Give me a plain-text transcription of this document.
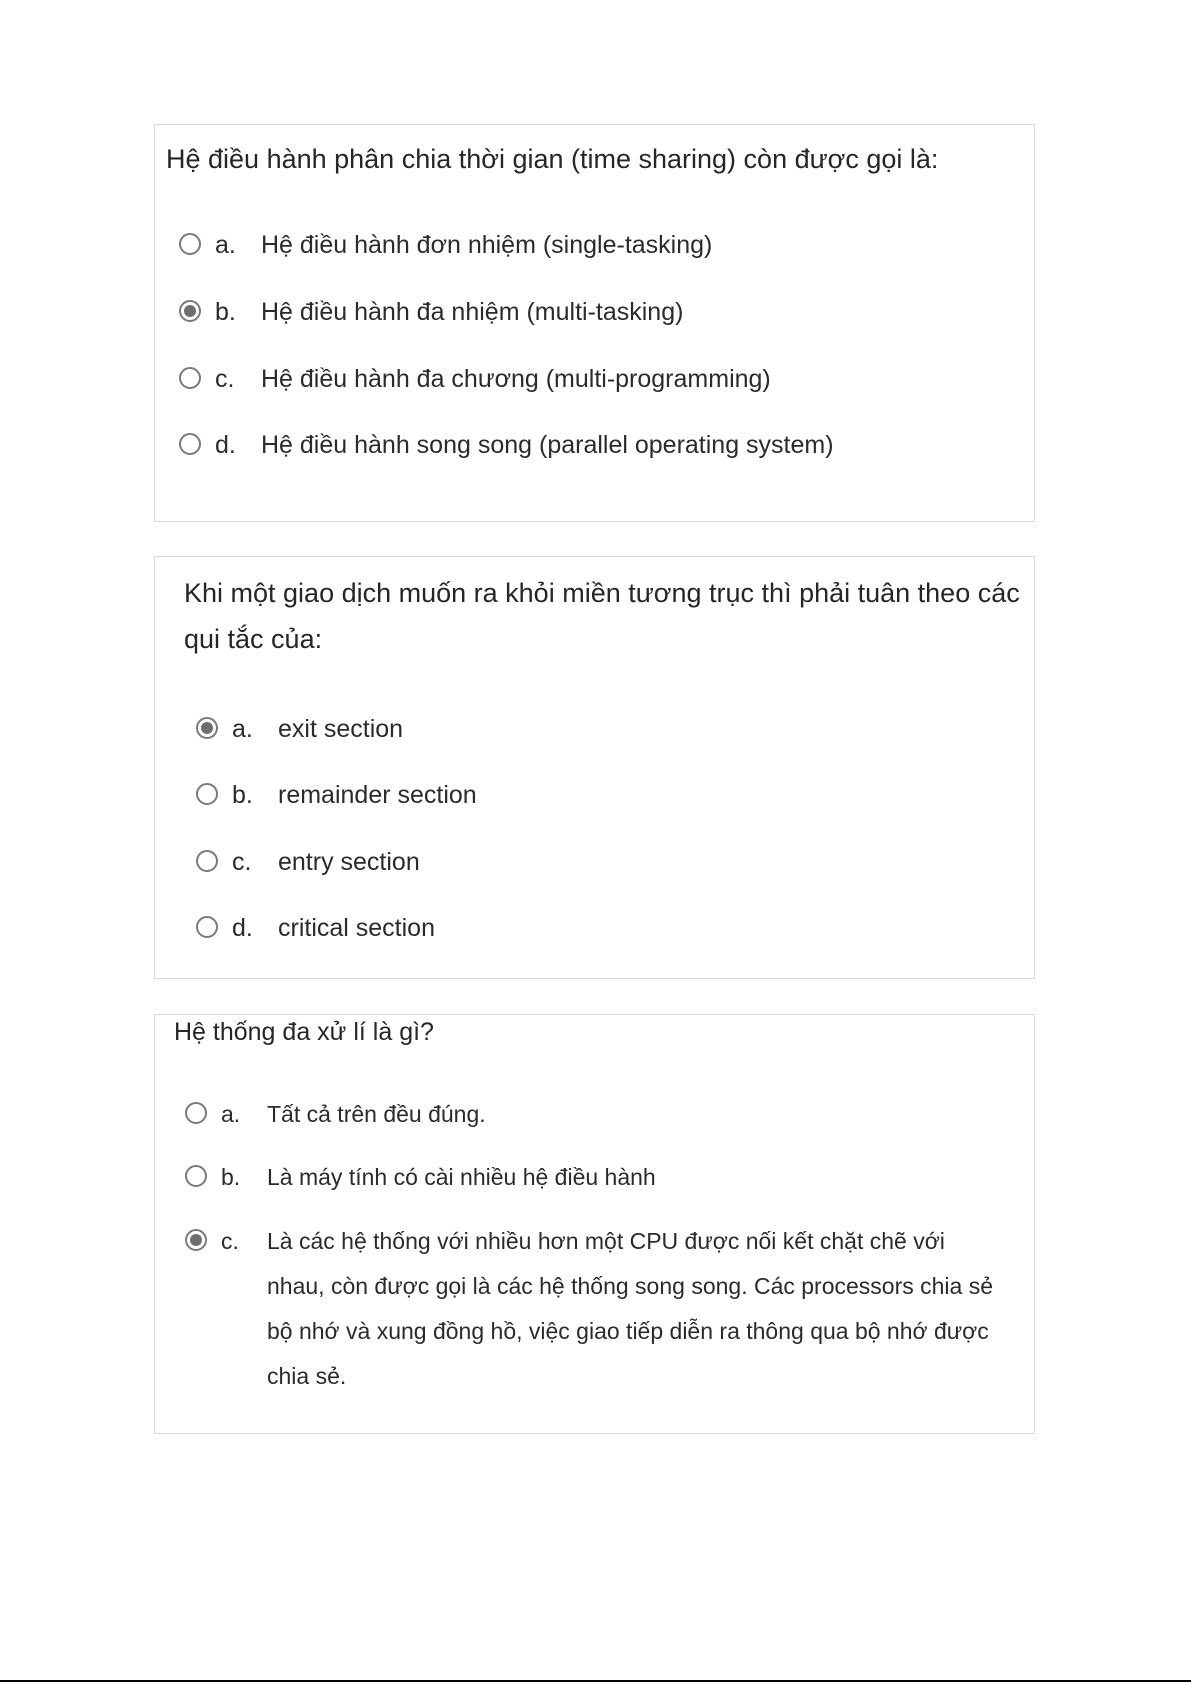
Hệ điều hành phân chia thời gian (time sharing) còn được gọi là:

a.	Hệ điều hành đơn nhiệm (single-tasking)
b.	Hệ điều hành đa nhiệm (multi-tasking)
c.	Hệ điều hành đa chương (multi-programming)
d.	Hệ điều hành song song (parallel operating system)

Khi một giao dịch muốn ra khỏi miền tương trục thì phải tuân theo các qui tắc của:

a.	exit section
b.	remainder section
c.	entry section
d.	critical section

Hệ thống đa xử lí là gì?

a.	Tất cả trên đều đúng.
b.	Là máy tính có cài nhiều hệ điều hành
c.	Là các hệ thống với nhiều hơn một CPU được nối kết chặt chẽ với nhau, còn được gọi là các hệ thống song song. Các processors chia sẻ bộ nhớ và xung đồng hồ, việc giao tiếp diễn ra thông qua bộ nhớ được chia sẻ.
